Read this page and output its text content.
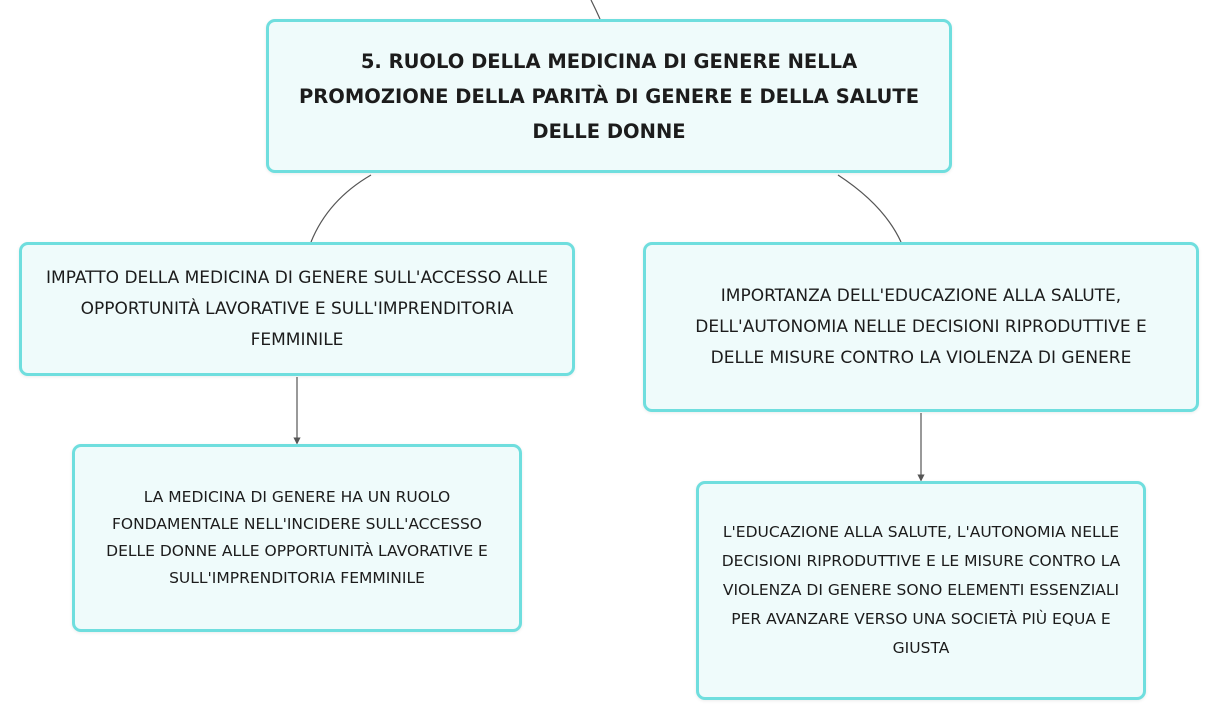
5. RUOLO DELLA MEDICINA DI GENERE NELLA
PROMOZIONE DELLA PARITÀ DI GENERE E DELLA SALUTE
DELLE DONNE
IMPATTO DELLA MEDICINA DI GENERE SULL'ACCESSO ALLE
OPPORTUNITÀ LAVORATIVE E SULL'IMPRENDITORIA
FEMMINILE
IMPORTANZA DELL'EDUCAZIONE ALLA SALUTE,
DELL'AUTONOMIA NELLE DECISIONI RIPRODUTTIVE E
DELLE MISURE CONTRO LA VIOLENZA DI GENERE
LA MEDICINA DI GENERE HA UN RUOLO
FONDAMENTALE NELL'INCIDERE SULL'ACCESSO
DELLE DONNE ALLE OPPORTUNITÀ LAVORATIVE E
SULL'IMPRENDITORIA FEMMINILE
L'EDUCAZIONE ALLA SALUTE, L'AUTONOMIA NELLE
DECISIONI RIPRODUTTIVE E LE MISURE CONTRO LA
VIOLENZA DI GENERE SONO ELEMENTI ESSENZIALI
PER AVANZARE VERSO UNA SOCIETÀ PIÙ EQUA E
GIUSTA
